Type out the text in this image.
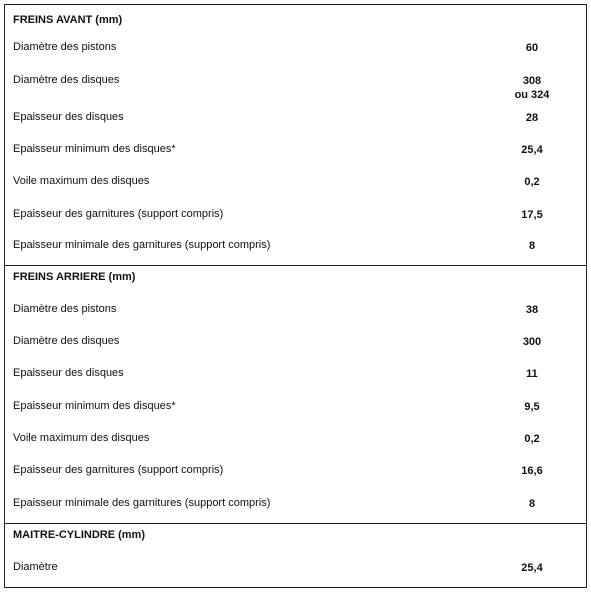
FREINS AVANT (mm)
Diamètre des pistons	60
Diamètre des disques	308
ou 324
Epaisseur des disques	28
Epaisseur minimum des disques*	25,4
Voile maximum des disques	0,2
Epaisseur des garnitures (support compris)	17,5
Epaisseur minimale des garnitures (support compris)	8
FREINS ARRIERE (mm)
Diamètre des pistons	38
Diamètre des disques	300
Epaisseur des disques	11
Epaisseur minimum des disques*	9,5
Voile maximum des disques	0,2
Epaisseur des garnitures (support compris)	16,6
Epaisseur minimale des garnitures (support compris)	8
MAITRE-CYLINDRE (mm)
Diamètre	25,4
